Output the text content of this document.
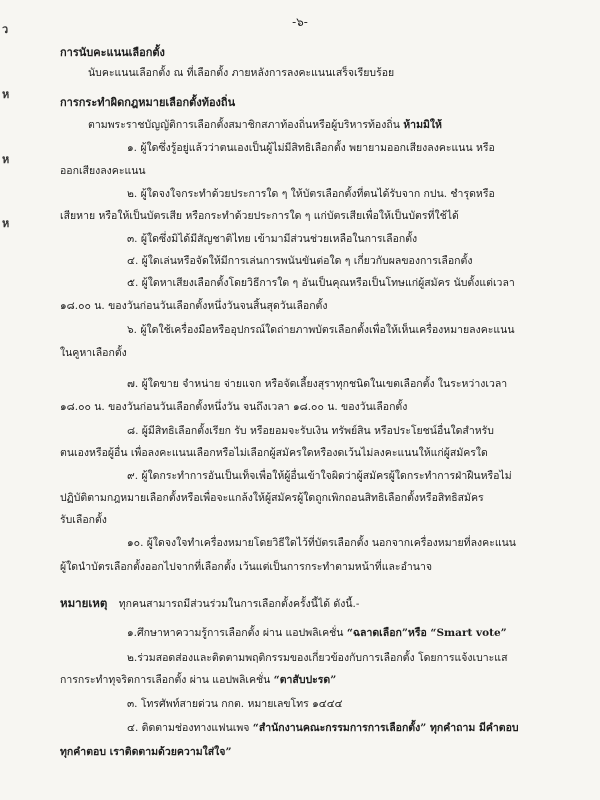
-๖-
ว
ห
ห
ห
การนับคะแนนเลือกตั้ง
นับคะแนนเลือกตั้ง ณ ที่เลือกตั้ง ภายหลังการลงคะแนนเสร็จเรียบร้อย
การกระทำผิดกฎหมายเลือกตั้งท้องถิ่น
ตามพระราชบัญญัติการเลือกตั้งสมาชิกสภาท้องถิ่นหรือผู้บริหารท้องถิ่น ห้ามมิให้
๑. ผู้ใดซึ่งรู้อยู่แล้วว่าตนเองเป็นผู้ไม่มีสิทธิเลือกตั้ง พยายามออกเสียงลงคะแนน หรือ
ออกเสียงลงคะแนน
๒. ผู้ใดจงใจกระทำด้วยประการใด ๆ ให้บัตรเลือกตั้งที่ตนได้รับจาก กปน. ชำรุดหรือ
เสียหาย หรือให้เป็นบัตรเสีย หรือกระทำด้วยประการใด ๆ แก่บัตรเสียเพื่อให้เป็นบัตรที่ใช้ได้
๓. ผู้ใดซึ่งมิได้มีสัญชาติไทย เข้ามามีส่วนช่วยเหลือในการเลือกตั้ง
๔. ผู้ใดเล่นหรือจัดให้มีการเล่นการพนันขันต่อใด ๆ เกี่ยวกับผลของการเลือกตั้ง
๕. ผู้ใดหาเสียงเลือกตั้งโดยวิธีการใด ๆ อันเป็นคุณหรือเป็นโทษแก่ผู้สมัคร นับตั้งแต่เวลา
๑๘.๐๐ น. ของวันก่อนวันเลือกตั้งหนึ่งวันจนสิ้นสุดวันเลือกตั้ง
๖. ผู้ใดใช้เครื่องมือหรืออุปกรณ์ใดถ่ายภาพบัตรเลือกตั้งเพื่อให้เห็นเครื่องหมายลงคะแนน
ในคูหาเลือกตั้ง
๗. ผู้ใดขาย จำหน่าย จ่ายแจก หรือจัดเลี้ยงสุราทุกชนิดในเขตเลือกตั้ง ในระหว่างเวลา
๑๘.๐๐ น. ของวันก่อนวันเลือกตั้งหนึ่งวัน จนถึงเวลา ๑๘.๐๐ น. ของวันเลือกตั้ง
๘. ผู้มีสิทธิเลือกตั้งเรียก รับ หรือยอมจะรับเงิน ทรัพย์สิน หรือประโยชน์อื่นใดสำหรับ
ตนเองหรือผู้อื่น เพื่อลงคะแนนเลือกหรือไม่เลือกผู้สมัครใดหรืองดเว้นไม่ลงคะแนนให้แก่ผู้สมัครใด
๙. ผู้ใดกระทำการอันเป็นเท็จเพื่อให้ผู้อื่นเข้าใจผิดว่าผู้สมัครผู้ใดกระทำการฝ่าฝืนหรือไม่
ปฏิบัติตามกฎหมายเลือกตั้งหรือเพื่อจะแกล้งให้ผู้สมัครผู้ใดถูกเพิกถอนสิทธิเลือกตั้งหรือสิทธิสมัคร
รับเลือกตั้ง
๑๐. ผู้ใดจงใจทำเครื่องหมายโดยวิธีใดไว้ที่บัตรเลือกตั้ง นอกจากเครื่องหมายที่ลงคะแนน
ผู้ใดนำบัตรเลือกตั้งออกไปจากที่เลือกตั้ง เว้นแต่เป็นการกระทำตามหน้าที่และอำนาจ
หมายเหตุ ทุกคนสามารถมีส่วนร่วมในการเลือกตั้งครั้งนี้ได้ ดังนี้.-
๑.ศึกษาหาความรู้การเลือกตั้ง ผ่าน แอปพลิเคชั่น “ฉลาดเลือก”หรือ “Smart vote”
๒.ร่วมสอดส่องและติดตามพฤติกรรมของเกี่ยวข้องกับการเลือกตั้ง โดยการแจ้งเบาะแส
การกระทำทุจริตการเลือกตั้ง ผ่าน แอปพลิเคชั่น “ตาสับปะรด”
๓. โทรศัพท์สายด่วน กกต. หมายเลขโทร ๑๔๔๔
๔. ติดตามช่องทางแฟนเพจ “สำนักงานคณะกรรมการการเลือกตั้ง” ทุกคำถาม มีคำตอบ
ทุกคำตอบ เราติดตามด้วยความใส่ใจ”
